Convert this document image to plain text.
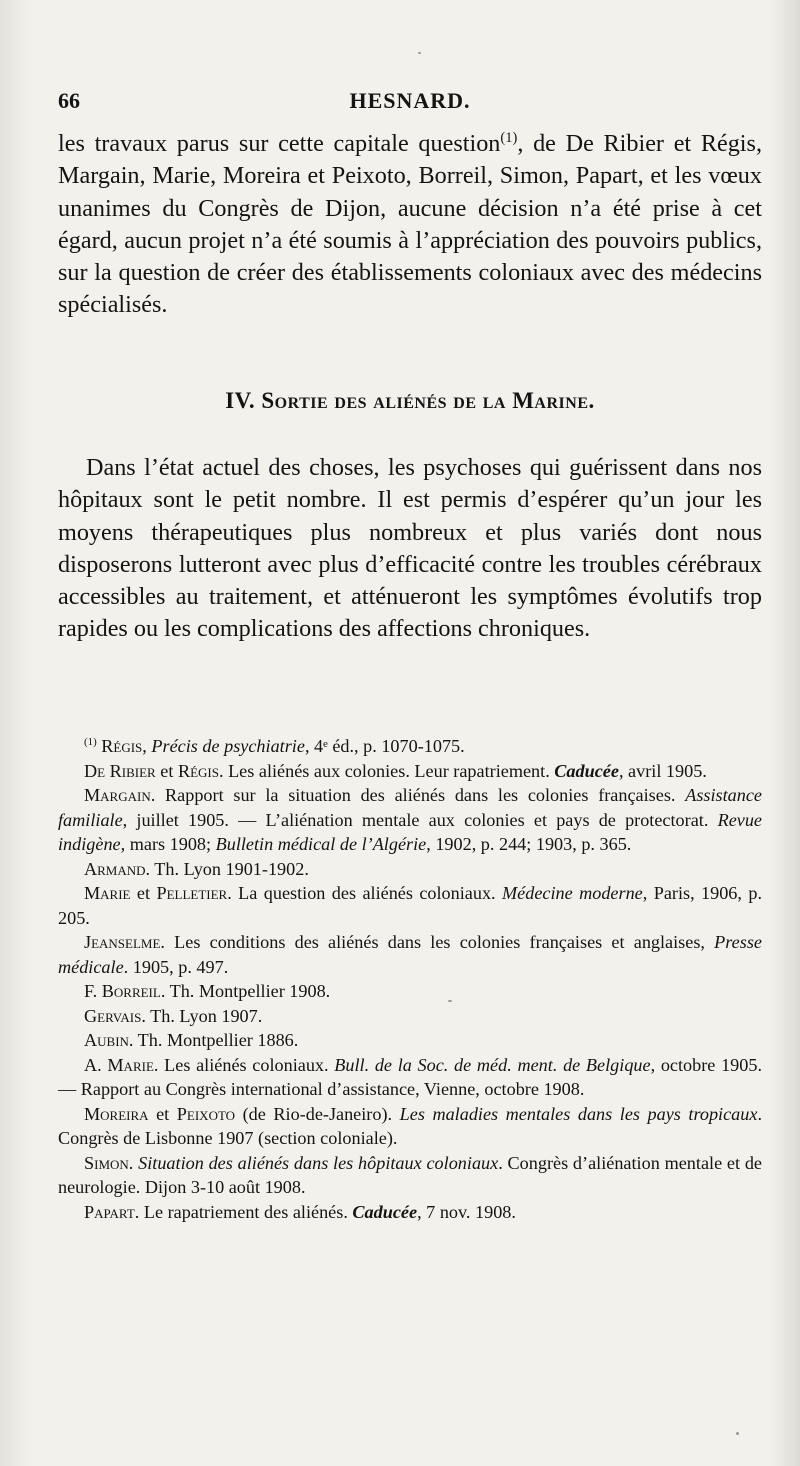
66	HESNARD.
les travaux parus sur cette capitale question$^{(1)}$, de De Ribier et Régis, Margain, Marie, Moreira et Peixoto, Borreil, Simon, Papart, et les vœux unanimes du Congrès de Dijon, aucune décision n’a été prise à cet égard, aucun projet n’a été soumis à l’appréciation des pouvoirs publics, sur la question de créer des établissements coloniaux avec des médecins spécialisés.
IV. Sortie des aliénés de la Marine.
Dans l’état actuel des choses, les psychoses qui guérissent dans nos hôpitaux sont le petit nombre. Il est permis d’espérer qu’un jour les moyens thérapeutiques plus nombreux et plus variés dont nous disposerons lutteront avec plus d’efficacité contre les troubles cérébraux accessibles au traitement, et atténueront les symptômes évolutifs trop rapides ou les complications des affections chroniques.

$^{(1)}$ Régis, Précis de psychiatrie, 4ᵉ éd., p. 1070-1075.

De Ribier et Régis. Les aliénés aux colonies. Leur rapatriement. Caducée, avril 1905.

Margain. Rapport sur la situation des aliénés dans les colonies françaises. Assistance familiale, juillet 1905. — L’aliénation mentale aux colonies et pays de protectorat. Revue indigène, mars 1908; Bulletin médical de l’Algérie, 1902, p. 244; 1903, p. 365.

Armand. Th. Lyon 1901-1902.

Marie et Pelletier. La question des aliénés coloniaux. Médecine moderne, Paris, 1906, p. 205.

Jeanselme. Les conditions des aliénés dans les colonies françaises et anglaises, Presse médicale. 1905, p. 497.

F. Borreil. Th. Montpellier 1908.

Gervais. Th. Lyon 1907.

Aubin. Th. Montpellier 1886.

A. Marie. Les aliénés coloniaux. Bull. de la Soc. de méd. ment. de Belgique, octobre 1905. — Rapport au Congrès international d’assistance, Vienne, octobre 1908.

Moreira et Peixoto (de Rio-de-Janeiro). Les maladies mentales dans les pays tropicaux. Congrès de Lisbonne 1907 (section coloniale).

Simon. Situation des aliénés dans les hôpitaux coloniaux. Congrès d’aliénation mentale et de neurologie. Dijon 3-10 août 1908.

Papart. Le rapatriement des aliénés. Caducée, 7 nov. 1908.
